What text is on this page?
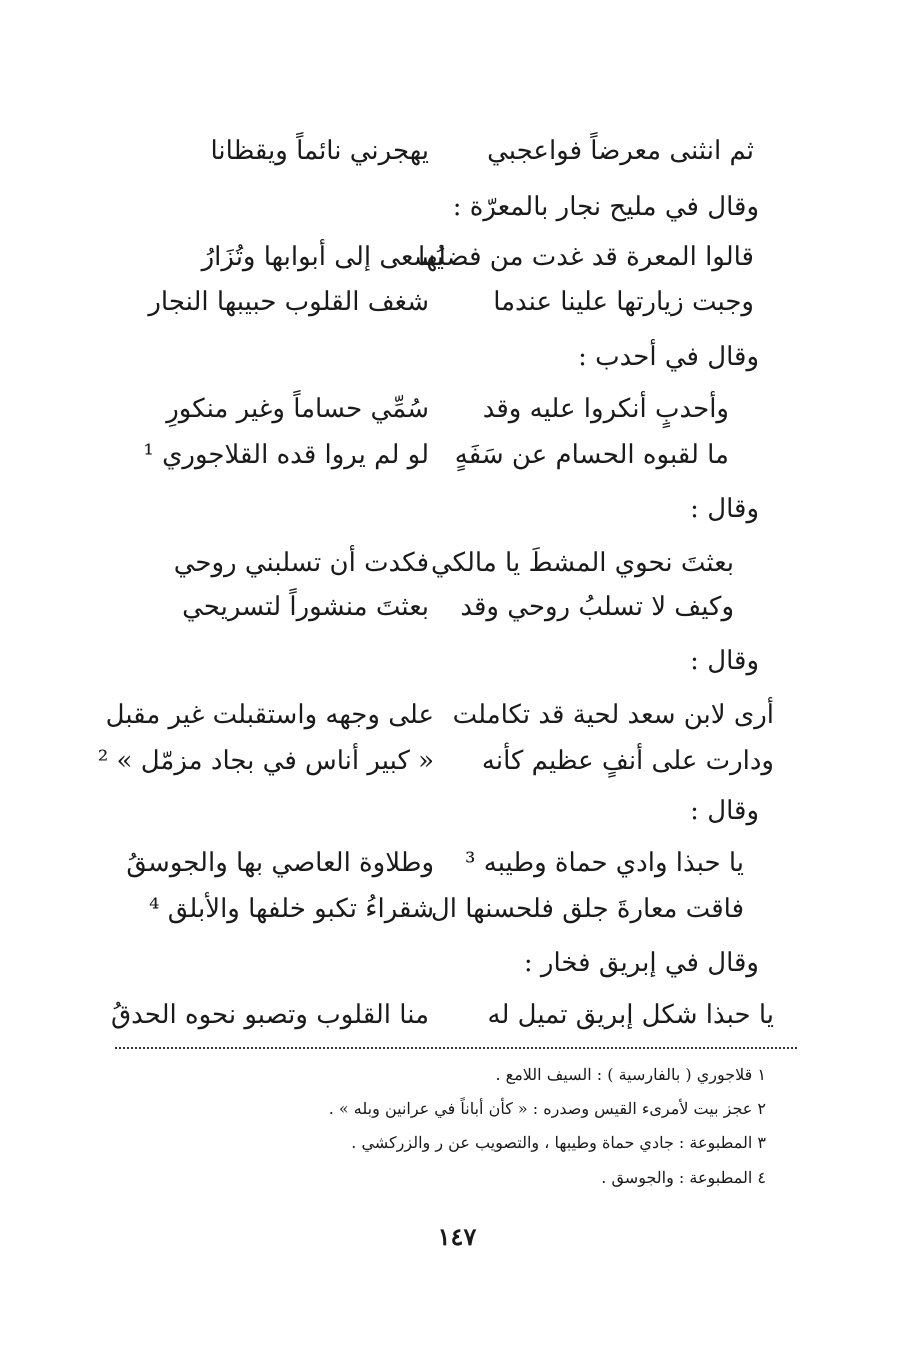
ثم انثنى معرضاً فواعجبي
يهجرني نائماً ويقظانا
وقال في مليح نجار بالمعرّة :
قالوا المعرة قد غدت من فضلها
يُسعى إلى أبوابها وتُزَارُ
وجبت زيارتها علينا عندما
شغف القلوب حبيبها النجار
وقال في أحدب :
وأحدبٍ أنكروا عليه وقد
سُمِّي حساماً وغير منكورِ
ما لقبوه الحسام عن سَفَهٍ
لو لم يروا قده القلاجوري ¹
وقال :
بعثتَ نحوي المشطَ يا مالكي
فكدت أن تسلبني روحي
وكيف لا تسلبُ روحي وقد
بعثتَ منشوراً لتسريحي
وقال :
أرى لابن سعد لحية قد تكاملت
على وجهه واستقبلت غير مقبل
ودارت على أنفٍ عظيم كأنه
« كبير أناس في بجاد مزمّل » ²
وقال :
يا حبذا وادي حماة وطيبه ³
وطلاوة العاصي بها والجوسقُ
فاقت معارةَ جلق فلحسنها ال
شقراءُ تكبو خلفها والأبلق ⁴
وقال في إبريق فخار :
يا حبذا شكل إبريق تميل له
منا القلوب وتصبو نحوه الحدقُ
١ قلاجوري ( بالفارسية ) : السيف اللامع .
٢ عجز بيت لأمرىء القيس وصدره : « كأن أباناً في عرانين وبله » .
٣ المطبوعة : جادي حماة وطيبها ، والتصويب عن ر والزركشي .
٤ المطبوعة : والجوسق .
١٤٧
